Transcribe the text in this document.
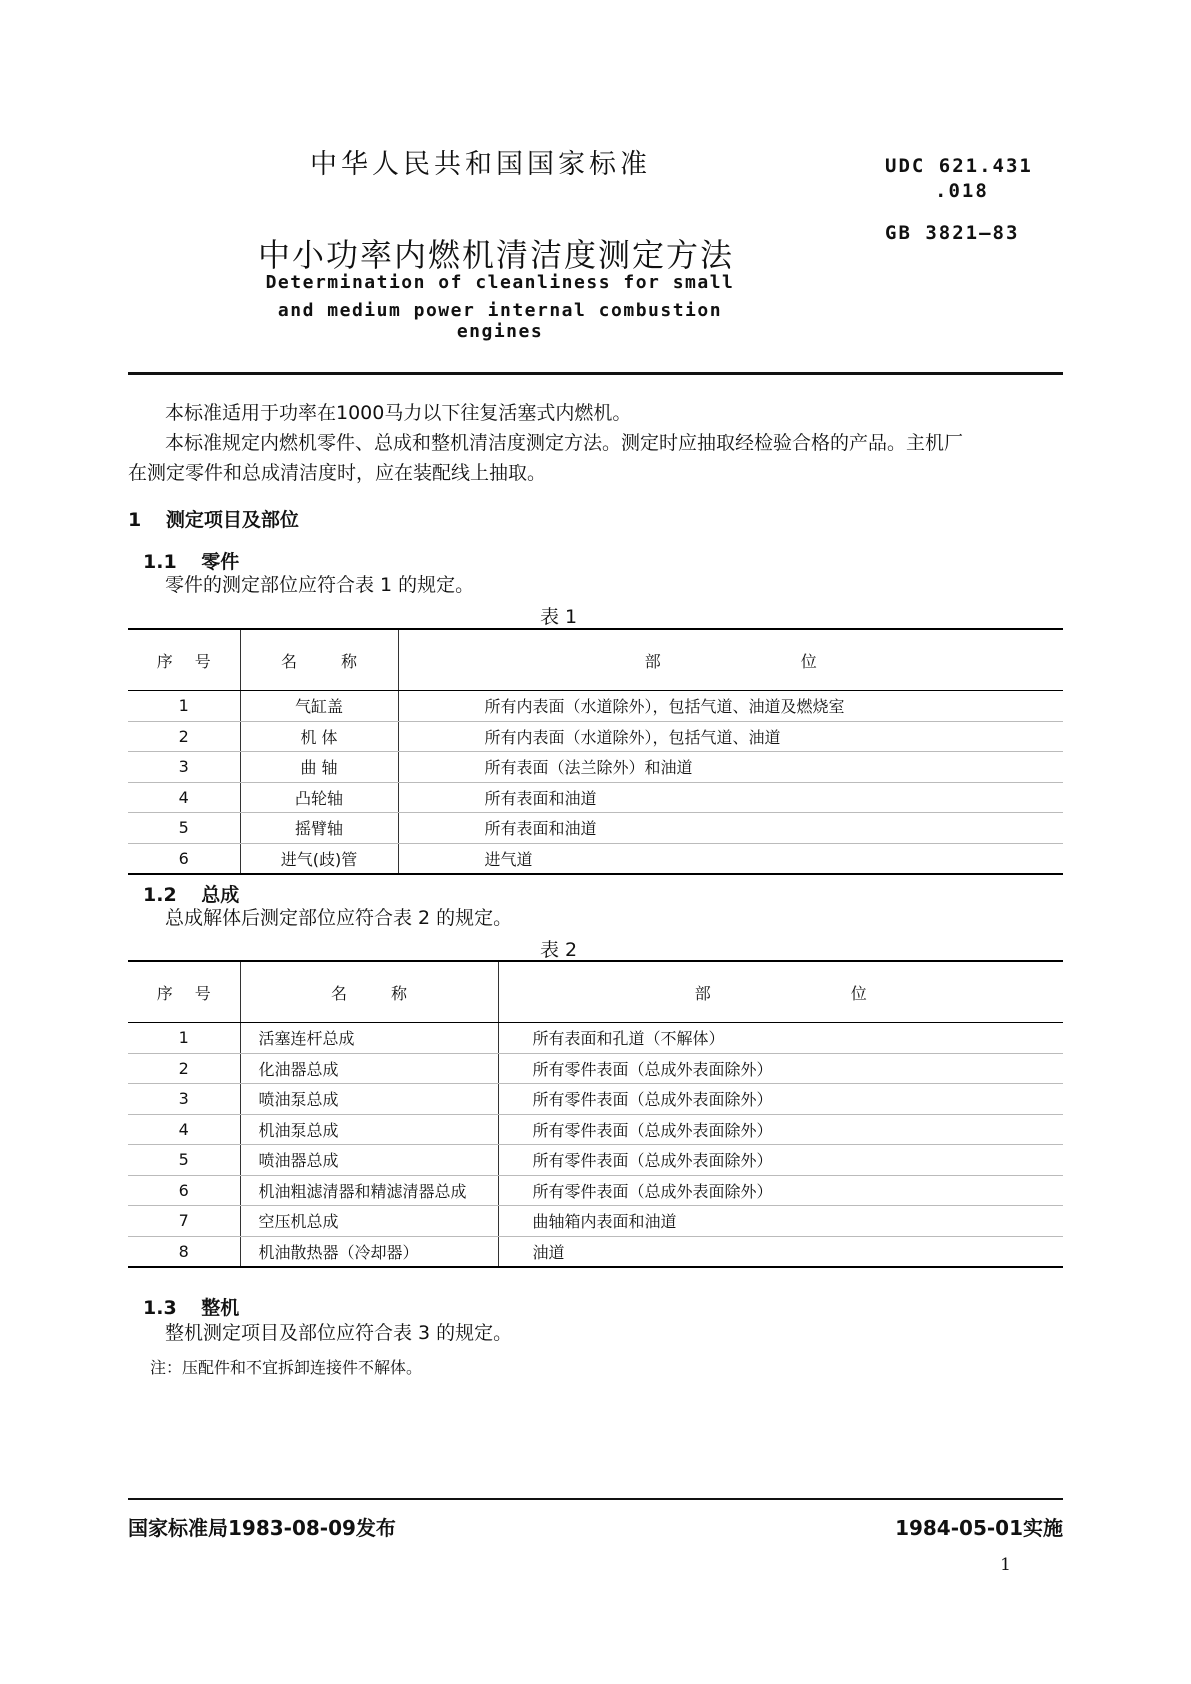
中华人民共和国国家标准	UDC 621.431
.018
中小功率内燃机清洁度测定方法
GB 3821—83
Determination of cleanliness for small
and medium power internal combustion engines
本标准适用于功率在1000马力以下往复活塞式内燃机。
本标准规定内燃机零件、总成和整机清洁度测定方法。测定时应抽取经检验合格的产品。主机厂
在测定零件和总成清洁度时，应在装配线上抽取。
1 测定项目及部位
1.1 零件
零件的测定部位应符合表 1 的规定。
表 1
序 号	名 称	部 位
1	气缸盖	所有内表面（水道除外），包括气道、油道及燃烧室
2	机 体	所有内表面（水道除外），包括气道、油道
3	曲 轴	所有表面（法兰除外）和油道
4	凸轮轴	所有表面和油道
5	摇臂轴	所有表面和油道
6	进气(歧)管	进气道
1.2 总成
总成解体后测定部位应符合表 2 的规定。
表 2
序 号	名 称	部 位
1	活塞连杆总成	所有表面和孔道（不解体）
2	化油器总成	所有零件表面（总成外表面除外）
3	喷油泵总成	所有零件表面（总成外表面除外）
4	机油泵总成	所有零件表面（总成外表面除外）
5	喷油器总成	所有零件表面（总成外表面除外）
6	机油粗滤清器和精滤清器总成	所有零件表面（总成外表面除外）
7	空压机总成	曲轴箱内表面和油道
8	机油散热器（冷却器）	油道
注：压配件和不宜拆卸连接件不解体。
1.3 整机
整机测定项目及部位应符合表 3 的规定。
国家标准局1983-08-09发布	1984-05-01实施
1
